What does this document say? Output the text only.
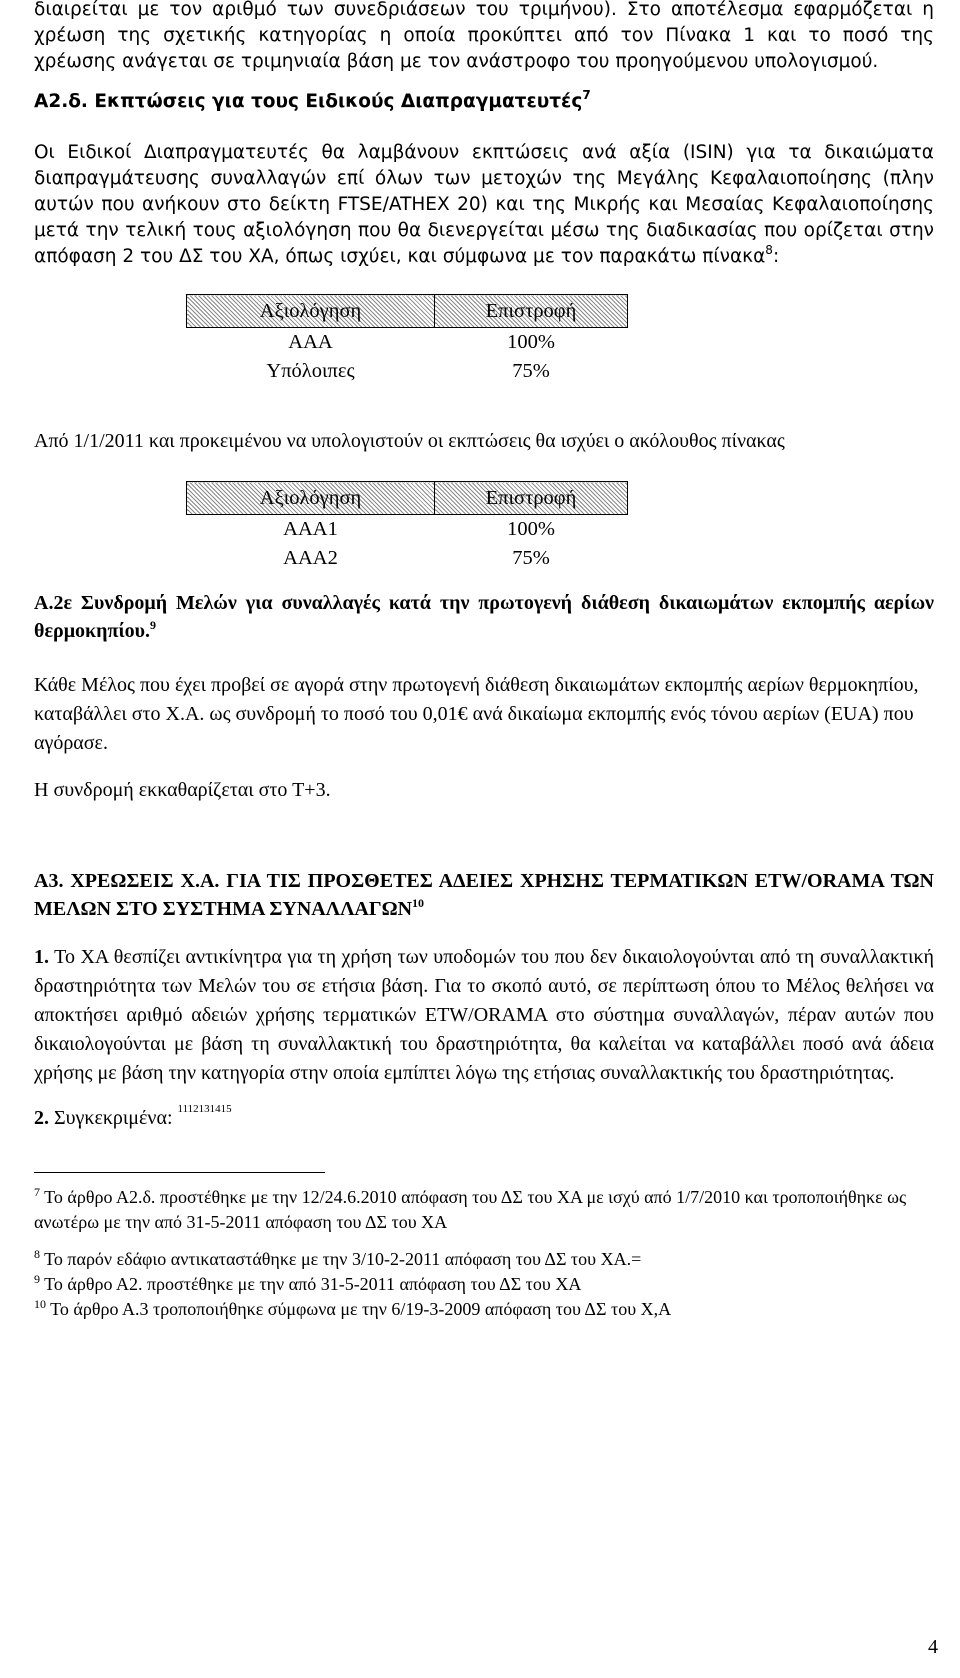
διαιρείται με τον αριθμό των συνεδριάσεων του τριμήνου). Στο αποτέλεσμα εφαρμόζεται η χρέωση της σχετικής κατηγορίας η οποία προκύπτει από τον Πίνακα 1 και το ποσό της χρέωσης ανάγεται σε τριμηνιαία βάση με τον ανάστροφο του προηγούμενου υπολογισμού.

Α2.δ. Εκπτώσεις για τους Ειδικούς Διαπραγματευτές$^7$

Οι Ειδικοί Διαπραγματευτές θα λαμβάνουν εκπτώσεις ανά αξία (ISIN) για τα δικαιώματα διαπραγμάτευσης συναλλαγών επί όλων των μετοχών της Μεγάλης Κεφαλαιοποίησης (πλην αυτών που ανήκουν στο δείκτη FTSE/ATHEX 20) και της Μικρής και Μεσαίας Κεφαλαιοποίησης μετά την τελική τους αξιολόγηση που θα διενεργείται μέσω της διαδικασίας που ορίζεται στην απόφαση 2 του ΔΣ του ΧΑ, όπως ισχύει, και σύμφωνα με τον παρακάτω πίνακα$^8$:

Αξιολόγηση	Επιστροφή
ΑΑΑ	100%
Υπόλοιπες	75%

Από 1/1/2011 και προκειμένου να υπολογιστούν οι εκπτώσεις θα ισχύει ο ακόλουθος πίνακας

Αξιολόγηση	Επιστροφή
ΑΑΑ1	100%
ΑΑΑ2	75%

Α.2ε Συνδρομή Μελών για συναλλαγές κατά την πρωτογενή διάθεση δικαιωμάτων εκπομπής αερίων θερμοκηπίου.$^9$

Κάθε Μέλος που έχει προβεί σε αγορά στην πρωτογενή διάθεση δικαιωμάτων εκπομπής αερίων θερμοκηπίου, καταβάλλει στο Χ.Α. ως συνδρομή το ποσό του 0,01€ ανά δικαίωμα εκπομπής ενός τόνου αερίων (EUA) που αγόρασε.

Η συνδρομή εκκαθαρίζεται στο Τ+3.

Α3. ΧΡΕΩΣΕΙΣ Χ.Α. ΓΙΑ ΤΙΣ ΠΡΟΣΘΕΤΕΣ ΑΔΕΙΕΣ ΧΡΗΣΗΣ ΤΕΡΜΑΤΙΚΩΝ ETW/ORAMA ΤΩΝ ΜΕΛΩΝ ΣΤΟ ΣΥΣΤΗΜΑ ΣΥΝΑΛΛΑΓΩΝ$^{10}$

1. Το ΧΑ θεσπίζει αντικίνητρα για τη χρήση των υποδομών του που δεν δικαιολογούνται από τη συναλλακτική δραστηριότητα των Μελών του σε ετήσια βάση. Για το σκοπό αυτό, σε περίπτωση όπου το Μέλος θελήσει να αποκτήσει αριθμό αδειών χρήσης τερματικών ETW/ORAMA στο σύστημα συναλλαγών, πέραν αυτών που δικαιολογούνται με βάση τη συναλλακτική του δραστηριότητα, θα καλείται να καταβάλλει ποσό ανά άδεια χρήσης με βάση την κατηγορία στην οποία εμπίπτει λόγω της ετήσιας συναλλακτικής του δραστηριότητας.

2. Συγκεκριμένα: $^{1112131415}$

$^7$ Το άρθρο Α2.δ. προστέθηκε με την 12/24.6.2010 απόφαση του ΔΣ του ΧΑ με ισχύ από 1/7/2010 και τροποποιήθηκε ως ανωτέρω με την από 31-5-2011 απόφαση του ΔΣ του ΧΑ

$^8$ Το παρόν εδάφιο αντικαταστάθηκε με την 3/10-2-2011 απόφαση του ΔΣ του ΧΑ.=

$^9$ Το άρθρο Α2. προστέθηκε με την από 31-5-2011 απόφαση του ΔΣ του ΧΑ

$^{10}$ Το άρθρο Α.3 τροποποιήθηκε σύμφωνα με την 6/19-3-2009 απόφαση του ΔΣ του Χ,Α

4
